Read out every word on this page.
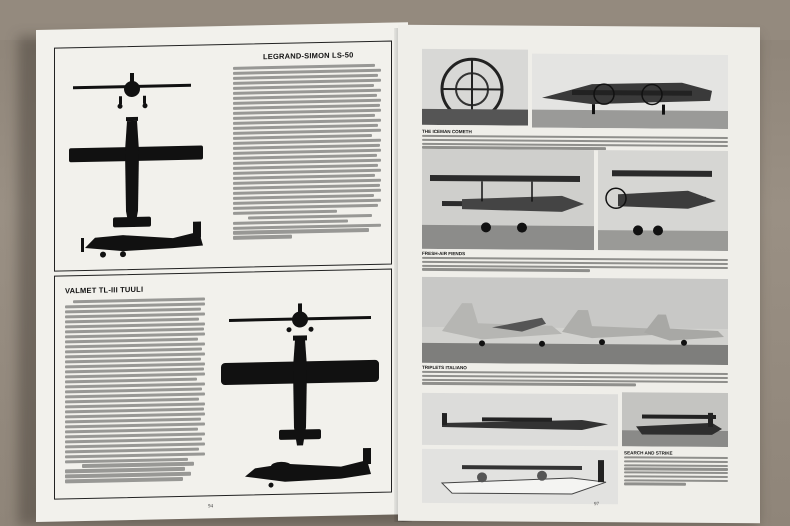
LEGRAND-SIMON LS-50
VALMET TL-III TUULI
94
THE ICEMAN COMETH
FRESH-AIR FIENDS
TRIPLETS ITALIANO
SEARCH AND STRIKE
97
